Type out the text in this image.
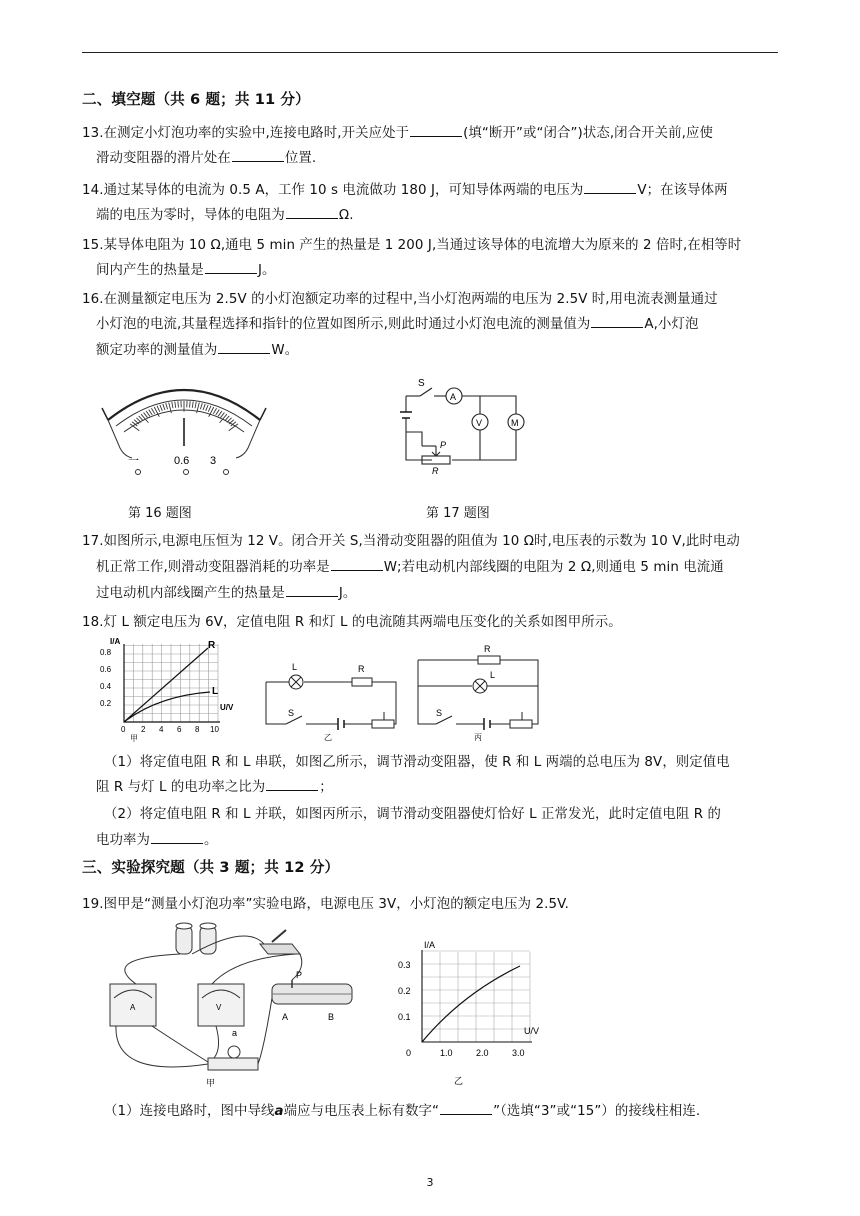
二、填空题（共 6 题；共 11 分）
13.在测定小灯泡功率的实验中,连接电路时,开关应处于	(填“断开”或“闭合”)状态,闭合开关前,应使
滑动变阻器的滑片处在	位置.
14.通过某导体的电流为 0.5 A，工作 10 s 电流做功 180 J，可知导体两端的电压为	V；在该导体两
端的电压为零时，导体的电阻为	Ω.
15.某导体电阻为 10 Ω,通电 5 min 产生的热量是 1 200 J,当通过该导体的电流增大为原来的 2 倍时,在相等时
间内产生的热量是	J。
16.在测量额定电压为 2.5V 的小灯泡额定功率的过程中,当小灯泡两端的电压为 2.5V 时,用电流表测量通过
小灯泡的电流,其量程选择和指针的位置如图所示,则此时通过小灯泡电流的测量值为	A,小灯泡
额定功率的测量值为	W。
一	0.6 3
第 16 题图
S
A
V	M
P
R
第 17 题图
17.如图所示,电源电压恒为 12 V。闭合开关 S,当滑动变阻器的阻值为 10 Ω时,电压表的示数为 10 V,此时电动
机正常工作,则滑动变阻器消耗的功率是	W;若电动机内部线圈的电阻为 2 Ω,则通电 5 min 电流通
过电动机内部线圈产生的热量是	J。
18.灯 L 额定电压为 6V，定值电阻 R 和灯 L 的电流随其两端电压变化的关系如图甲所示。
I/A
U/V
0.8
0.6
0.4
0.2
0 2 4 6 8 10
R
L
甲
L	R
S
乙
R
L
S
丙
（1）将定值电阻 R 和 L 串联，如图乙所示，调节滑动变阻器，使 R 和 L 两端的总电压为 8V，则定值电
阻 R 与灯 L 的电功率之比为	；
（2）将定值电阻 R 和 L 并联，如图丙所示，调节滑动变阻器使灯恰好 L 正常发光，此时定值电阻 R 的
电功率为	。
三、实验探究题（共 3 题；共 12 分）
19.图甲是“测量小灯泡功率”实验电路，电源电压 3V，小灯泡的额定电压为 2.5V.
A	V
P
B
A
a
甲
I/A
U/V
0.3
0.2
0.1
0	1.0	2.0	3.0
乙
（1）连接电路时，图中导线a端应与电压表上标有数字“	”（选填“3”或“15”）的接线柱相连.
3
